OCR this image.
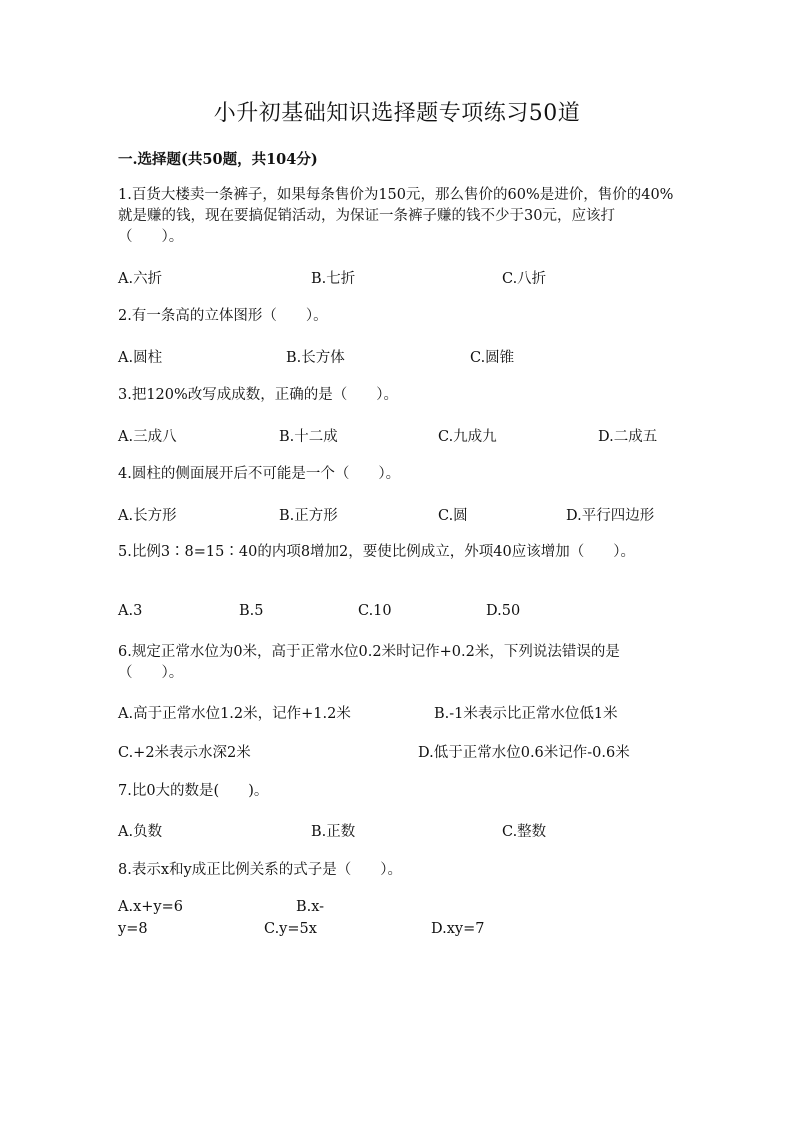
小升初基础知识选择题专项练习50道
一.选择题(共50题，共104分)
1.百货大楼卖一条裤子，如果每条售价为150元，那么售价的60%是进价，售价的40%就是赚的钱，现在要搞促销活动，为保证一条裤子赚的钱不少于30元，应该打（　　）。
A.六折	B.七折	C.八折
2.有一条高的立体图形（　　）。
A.圆柱	B.长方体	C.圆锥
3.把120%改写成成数，正确的是（　　）。
A.三成八	B.十二成	C.九成九	D.二成五
4.圆柱的侧面展开后不可能是一个（　　）。
A.长方形	B.正方形	C.圆	D.平行四边形
5.比例3∶8=15∶40的内项8增加2，要使比例成立，外项40应该增加（　　）。
A.3	B.5	C.10	D.50
6.规定正常水位为0米，高于正常水位0.2米时记作+0.2米，下列说法错误的是（　　）。
A.高于正常水位1.2米，记作+1.2米	B.-1米表示比正常水位低1米
C.+2米表示水深2米	D.低于正常水位0.6米记作-0.6米
7.比0大的数是(　　)。
A.负数	B.正数	C.整数
8.表示x和y成正比例关系的式子是（　　）。
A.x+y=6	B.x-
y=8	C.y=5x	D.xy=7
